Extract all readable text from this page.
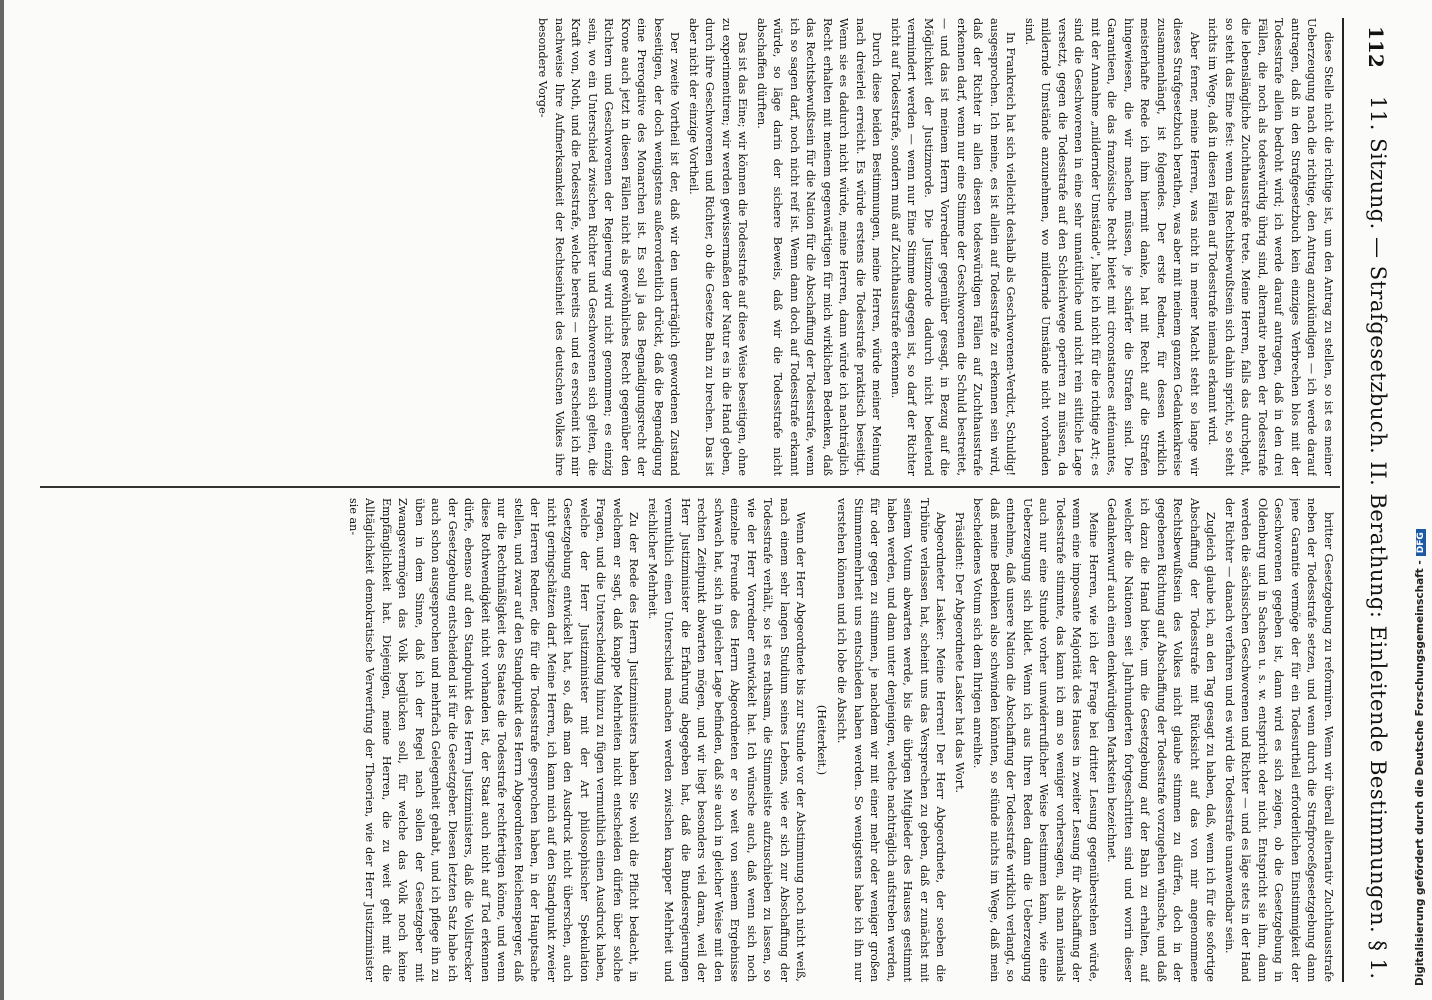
112
11. Sitzung. — Strafgesetzbuch. II. Berathung: Einleitende Bestimmungen. § 1.

diese Stelle nicht die richtige ist, um den Antrag zu stellen, so ist es meiner Ueberzeugung nach die richtige, den Antrag anzukündigen — ich werde darauf antragen, daß in den Strafgesetzbuch kein einziges Verbrechen blos mit der Todesstrafe allein bedroht wird; ich werde darauf antragen, daß in den drei Fällen, die noch als todeswürdig übrig sind, alternativ neben der Todesstrafe die lebenslängliche Zuchthausstrafe trete. Meine Herren, falls das durchgeht, so steht das Eine fest: wenn das Rechtsbewußtsein sich dahin spricht, so steht nichts im Wege, daß in diesen Fällen auf Todesstrafe niemals erkannt wird.

Aber ferner, meine Herren, was nicht in meiner Macht steht so lange wir dieses Strafgesetzbuch berathen, was aber mit meinem ganzen Gedankenkreise zusammenhängt, ist folgendes. Der erste Redner, für dessen wirklich meisterhafte Rede ich ihm hiermit danke, hat mit Recht auf die Strafen hingewiesen, die wir machen müssen, je schärfer die Strafen sind. Die Garantieen, die das französische Recht bietet mit circonstances atténuantes, mit der Annahme „mildernder Umstände", halte ich nicht für die richtige Art; es sind die Geschworenen in eine sehr unnatürliche und nicht rein sittliche Lage versetzt, gegen die Todesstrafe auf den Schleichwege operiren zu müssen, da mildernde Umstände anzunehmen, wo mildernde Umstände nicht vorhanden sind.

In Frankreich hat sich vielleicht deshalb als Geschworenen-Verdict, Schuldig! ausgesprochen. Ich meine, es ist allein auf Todesstrafe zu erkennen sein wird, daß der Richter in allen diesen todeswürdigen Fällen auf Zuchthausstrafe erkennen darf, wenn nur eine Stimme der Geschworenen die Schuld bestreitet, — und das ist meinem Herrn Vorredner gegenüber gesagt, in Bezug auf die Möglichkeit der Justizmorde. Die Justizmorde dadurch nicht bedeutend vermindert werden — wenn nur Eine Stimme dagegen ist, so darf der Richter nicht auf Todesstrafe, sondern muß auf Zuchthausstrafe erkennen.

Durch diese beiden Bestimmungen, meine Herren, würde meiner Meinung nach dreierlei erreicht. Es würde erstens die Todesstrafe praktisch beseitigt. Wenn sie es dadurch nicht würde, meine Herren, dann würde ich nachträglich Recht erhalten mit meinem gegenwärtigen für mich wirklichen Bedenken, daß das Rechtsbewußtsein für die Nation für die Abschaffung der Todesstrafe, wenn ich so sagen darf, noch nicht reif ist. Wenn dann doch auf Todesstrafe erkannt würde, so läge darin der sichere Beweis, daß wir die Todesstrafe nicht abschaffen dürften.

Das ist das Eine; wir können die Todesstrafe auf diese Weise beseitigen, ohne zu experimentiren; wir werden gewissermaßen der Natur es in die Hand geben, durch ihre Geschworenen und Richter, ob die Gesetze Bahn zu brechen. Das ist aber nicht der einzige Vortheil.

Der zweite Vortheil ist der, daß wir den unerträglich gewordenen Zustand beseitigen, der doch wenigstens außerordentlich drückt, daß die Begnadigung eine Prerogative des Monarchen ist. Es soll ja das Begnadigungsrecht der Krone auch jetzt in diesen Fällen nicht als gewöhnliches Recht gegenüber den Richtern und Geschworenen der Regierung wird nicht genommen; es einzig sein, wo ein Unterschied zwischen Richter und Geschworenen sich gelten, die Kraft von, Noth, und die Todesstrafe, welche bereits — und es erscheint ich mir nachweise Ihre Aufmerksamkeit der Rechtseinheit des deutschen Volkes ihre besondere Vorge-

britter Gesetzgebung zu reformiren. Wenn wir überall alternativ Zuchthausstrafe neben der Todesstrafe setzen, und wenn durch die Strafproceßgesetzgebung dann jene Garantie vermöge der für ein Todesurtheil erforderlichen Einstimmigkeit der Geschworenen gegeben ist, dann wird es sich zeigen, ob die Gesetzgebung in Oldenburg und in Sachsen u. s. w. entspricht oder nicht. Entspricht sie ihm, dann werden die sächsischen Geschworenen und Richter — und es läge stets in der Hand der Richter — danach verfahren und es wird die Todesstrafe unanwendbar sein.

Zugleich glaube ich, an den Tag gesagt zu haben, daß, wenn ich für die sofortige Abschaffung der Todesstrafe mit Rücksicht auf das von mir angenommene Rechtsbewußtsein des Volkes nicht glaube stimmen zu dürfen, doch in der gegebenen Richtung auf Abschaffung der Todesstrafe vorzugehen wünsche, und daß ich dazu die Hand biete, um die Gesetzgebung auf der Bahn zu erhalten, auf welcher die Nationen seit Jahrhunderten fortgeschritten sind und worin dieser Gedankenwurf auch einen denkwürdigen Markstein bezeichnet.

Meine Herren, wie ich der Frage bei dritter Lesung gegenüberstehen würde, wenn eine imposante Majorität des Hauses in zweiter Lesung für Abschaffung der Todesstrafe stimmte, das kann ich am so weniger vorhersagen, als man niemals auch nur eine Stunde vorher unwiderruflicher Weise bestimmen kann, wie eine Ueberzeugung sich bildet. Wenn ich aus Ihren Reden dann die Ueberzeugung entnehme, daß unsere Nation die Abschaffung der Todesstrafe wirklich verlangt, so daß meine Bedenken also schwinden könnten, so stünde nichts im Wege, daß mein bescheidenes Votum sich dem Ihrigen anreihte.

Präsident: Der Abgeordnete Lasker hat das Wort.

Abgeordneter Lasker: Meine Herren! Der Herr Abgeordnete, der soeben die Tribüne verlassen hat, scheint uns das Versprechen zu geben, daß er zunächst mit seinem Votum abwarten werde, bis die übrigen Mitglieder des Hauses gestimmt haben werden, und dann unter denjenigen, welche nachträglich aufstreben werden, für oder gegen zu stimmen, je nachdem wir mit einer mehr oder weniger großen Stimmenmehrheit uns entschieden haben werden. So wenigstens habe ich ihn nur verstehen können und ich lobe die Absicht.

(Heiterkeit.)

Wenn der Herr Abgeordnete bis zur Stunde vor der Abstimmung noch nicht weiß, nach einem sehr langen Studium seines Lebens, wie er sich zur Abschaffung der Todesstrafe verhält, so ist es rathsam, die Stimmeliste aufzuschieben zu lassen, so wie der Herr Vorredner entwickelt hat. Ich wünsche auch, daß wenn sich noch einzelne Freunde des Herrn Abgeordneten er so weit von seinem Ergebnisse schwach hat, sich in gleicher Lage befinden, daß sie auch in gleicher Weise mit den rechten Zeitpunkt abwarten mögen, und wir liegt besonders viel daran, weil der Herr Justizminister die Erfahrung abgegeben hat, daß die Bundesregierungen vermuthlich einen Unterschied machen werden zwischen knapper Mehrheit und reichlicher Mehrheit.

Zu der Rede des Herrn Justizministers haben Sie wohl die Pflicht bedacht, in welchem er sagt, daß knappe Mehrheiten nicht entscheiden dürfen über solche Fragen, und die Unterscheidung hinzu zu fügen vermuthlich einen Ausdruck haben, welche der Herr Justizminister mit der Art philosophischer Spekulation Gesetzgebung entwickelt hat, so, daß man den Ausdruck nicht überschen, auch nicht geringschätzen darf. Meine Herren, ich kann mich auf den Standpunkt zweier der Herren Redner, die für die Todesstrafe gesprochen haben, in der Hauptsache stellen, und zwar auf den Standpunkt des Herrn Abgeordneten Reichensperger, daß nur die Rechtmäßigkeit des Staates die Todesstrafe rechtfertigen könne, und wenn diese Rothwendigkeit nicht vorhanden ist, der Staat auch nicht auf Tod erkennen dürfe, ebenso auf den Standpunkt des Herrn Justizministers, daß die Vollstrecker der Gesetzgebung entscheidend ist für die Gesetzgeber. Diesen letzten Satz habe ich auch schon ausgesprochen und mehrfach Gelegenheit gehabt, und ich pflege ihn zu üben in dem Sinne, daß ich der Regel nach sollen der Gesetzgeber mit Zwangsvermögen das Volk beglücken soll, für welche das Volk noch keine Empfänglichkeit hat. Diejenigen, meine Herren, die zu weit geht mit die Alltäglichkeit demokratische Verwerfung der Theorien, wie der Herr Justizminister sie an-

Digitalisierung gefördert durch die Deutsche Forschungsgemeinschaft -DFG
